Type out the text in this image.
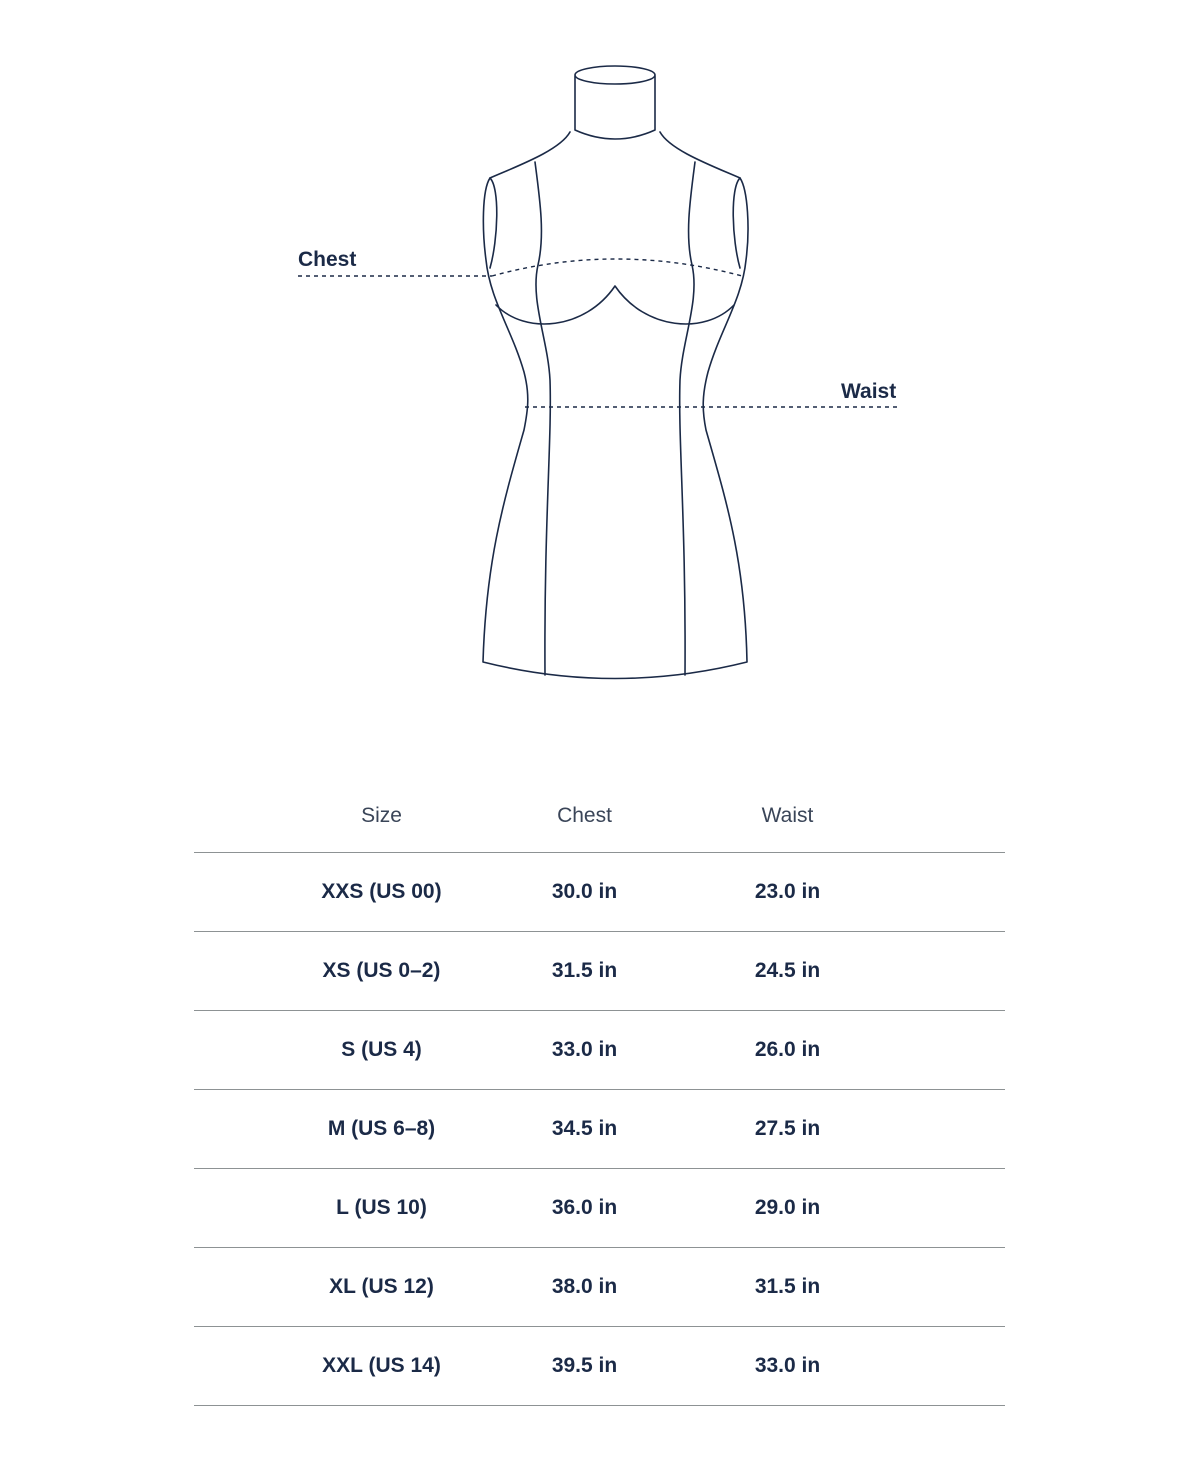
Chest
Waist
Size	Chest	Waist
XXS (US 00)	30.0 in	23.0 in
XS (US 0–2)	31.5 in	24.5 in
S (US 4)	33.0 in	26.0 in
M (US 6–8)	34.5 in	27.5 in
L (US 10)	36.0 in	29.0 in
XL (US 12)	38.0 in	31.5 in
XXL (US 14)	39.5 in	33.0 in
